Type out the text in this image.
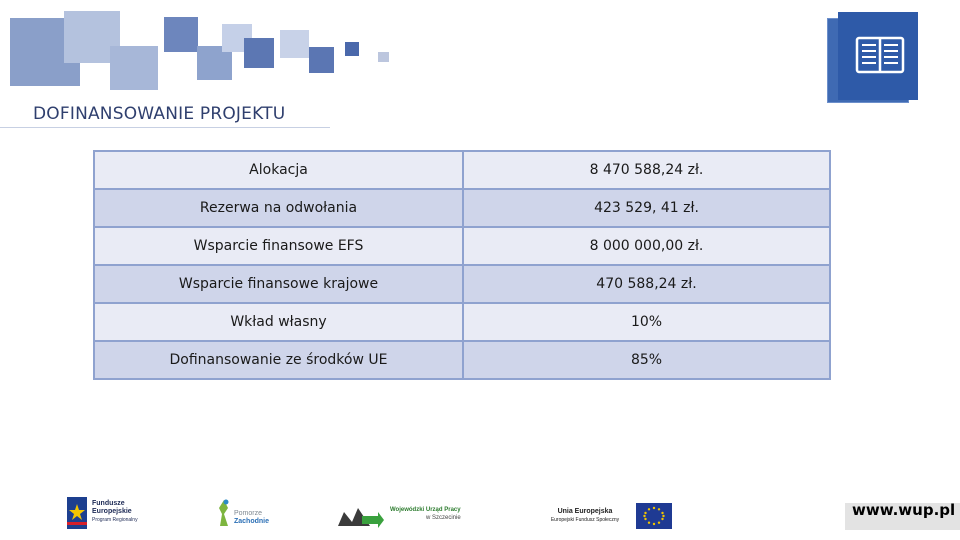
DOFINANSOWANIE PROJEKTU
Alokacja	8 470 588,24 zł.
Rezerwa na odwołania	423 529, 41 zł.
Wsparcie finansowe EFS	8 000 000,00 zł.
Wsparcie finansowe krajowe	470 588,24 zł.
Wkład własny	10%
Dofinansowanie ze środków UE	85%
Fundusze
Europejskie
Program Regionalny
Pomorze
Zachodnie
Wojewódzki Urząd Pracy
w Szczecinie
Unia Europejska
Europejski Fundusz Społeczny
www.wup.pl
